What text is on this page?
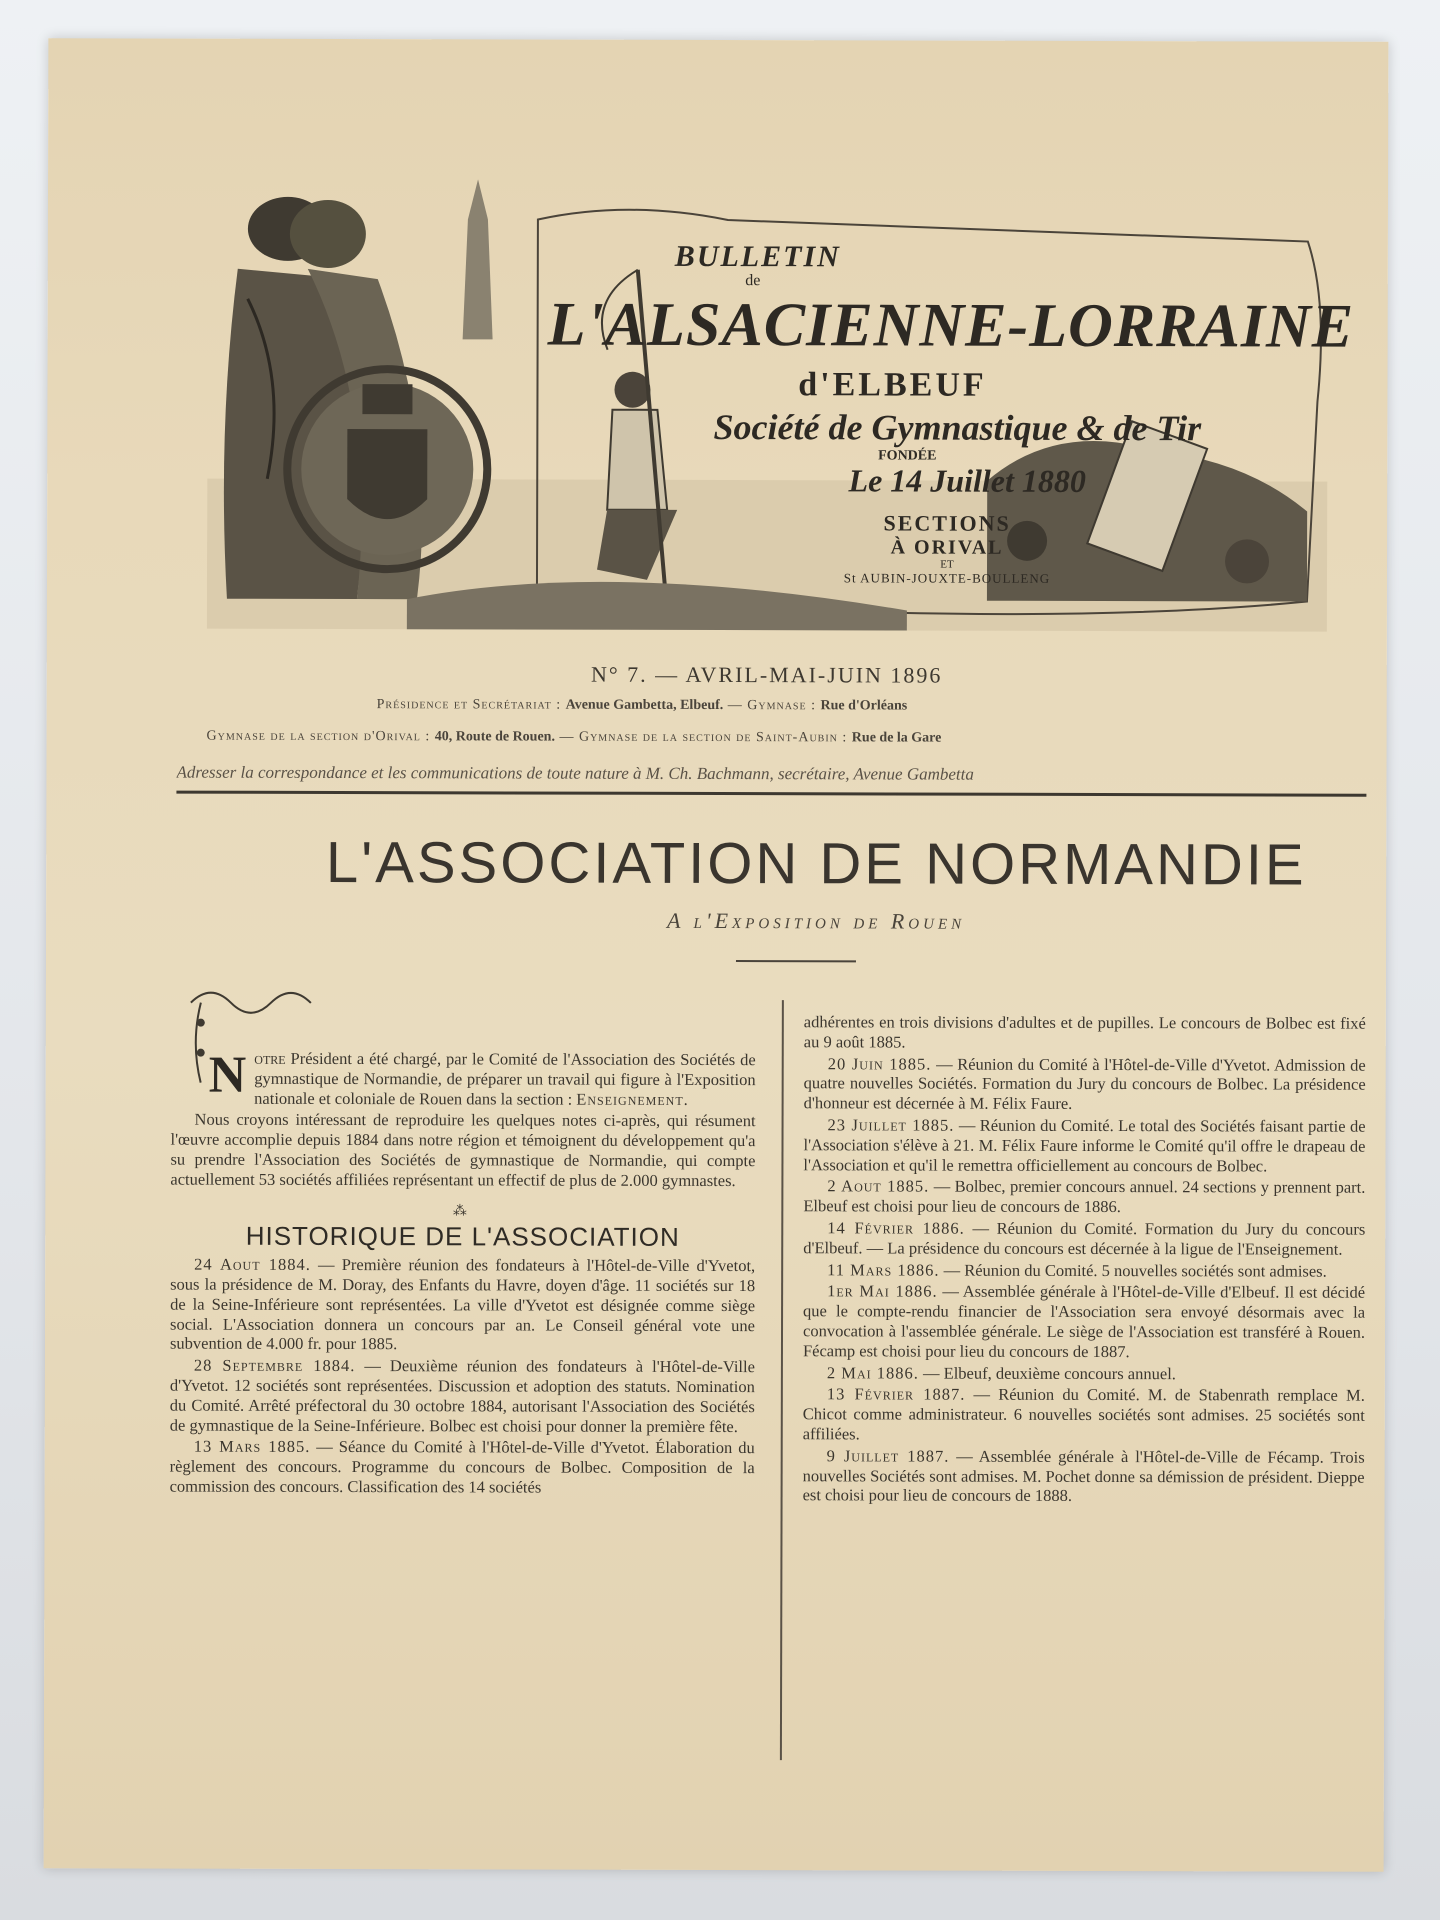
BULLETIN
de
L'ALSACIENNE-LORRAINE
d'ELBEUF
Société de Gymnastique & de Tir
FONDÉE
Le 14 Juillet 1880
SECTIONS
À ORIVAL
ET
St AUBIN-JOUXTE-BOULLENG
N° 7. — AVRIL-MAI-JUIN 1896
Présidence et Secrétariat : Avenue Gambetta, Elbeuf. — Gymnase : Rue d'Orléans
Gymnase de la section d'Orival : 40, Route de Rouen. — Gymnase de la section de Saint-Aubin : Rue de la Gare
Adresser la correspondance et les communications de toute nature à M. Ch. Bachmann, secrétaire, Avenue Gambetta
L'ASSOCIATION DE NORMANDIE
A l'Exposition de Rouen

Notre Président a été chargé, par le Comité de l'Association des Sociétés de gymnastique de Normandie, de préparer un travail qui figure à l'Exposition nationale et coloniale de Rouen dans la section : Enseignement.

Nous croyons intéressant de reproduire les quelques notes ci-après, qui résument l'œuvre accomplie depuis 1884 dans notre région et témoignent du développement qu'a su prendre l'Association des Sociétés de gymnastique de Normandie, qui compte actuellement 53 sociétés affiliées représentant un effectif de plus de 2.000 gymnastes.

⁂
HISTORIQUE DE L'ASSOCIATION

24 Aout 1884. — Première réunion des fondateurs à l'Hôtel-de-Ville d'Yvetot, sous la présidence de M. Doray, des Enfants du Havre, doyen d'âge. 11 sociétés sur 18 de la Seine-Inférieure sont représentées. La ville d'Yvetot est désignée comme siège social. L'Association donnera un concours par an. Le Conseil général vote une subvention de 4.000 fr. pour 1885.

28 Septembre 1884. — Deuxième réunion des fondateurs à l'Hôtel-de-Ville d'Yvetot. 12 sociétés sont représentées. Discussion et adoption des statuts. Nomination du Comité. Arrêté préfectoral du 30 octobre 1884, autorisant l'Association des Sociétés de gymnastique de la Seine-Inférieure. Bolbec est choisi pour donner la première fête.

13 Mars 1885. — Séance du Comité à l'Hôtel-de-Ville d'Yvetot. Élaboration du règlement des concours. Programme du concours de Bolbec. Composition de la commission des concours. Classification des 14 sociétés

adhérentes en trois divisions d'adultes et de pupilles. Le concours de Bolbec est fixé au 9 août 1885.

20 Juin 1885. — Réunion du Comité à l'Hôtel-de-Ville d'Yvetot. Admission de quatre nouvelles Sociétés. Formation du Jury du concours de Bolbec. La présidence d'honneur est décernée à M. Félix Faure.

23 Juillet 1885. — Réunion du Comité. Le total des Sociétés faisant partie de l'Association s'élève à 21. M. Félix Faure informe le Comité qu'il offre le drapeau de l'Association et qu'il le remettra officiellement au concours de Bolbec.

2 Aout 1885. — Bolbec, premier concours annuel. 24 sections y prennent part. Elbeuf est choisi pour lieu de concours de 1886.

14 Février 1886. — Réunion du Comité. Formation du Jury du concours d'Elbeuf. — La présidence du concours est décernée à la ligue de l'Enseignement.

11 Mars 1886. — Réunion du Comité. 5 nouvelles sociétés sont admises.

1er Mai 1886. — Assemblée générale à l'Hôtel-de-Ville d'Elbeuf. Il est décidé que le compte-rendu financier de l'Association sera envoyé désormais avec la convocation à l'assemblée générale. Le siège de l'Association est transféré à Rouen. Fécamp est choisi pour lieu du concours de 1887.

2 Mai 1886. — Elbeuf, deuxième concours annuel.

13 Février 1887. — Réunion du Comité. M. de Stabenrath remplace M. Chicot comme administrateur. 6 nouvelles sociétés sont admises. 25 sociétés sont affiliées.

9 Juillet 1887. — Assemblée générale à l'Hôtel-de-Ville de Fécamp. Trois nouvelles Sociétés sont admises. M. Pochet donne sa démission de président. Dieppe est choisi pour lieu de concours de 1888.
